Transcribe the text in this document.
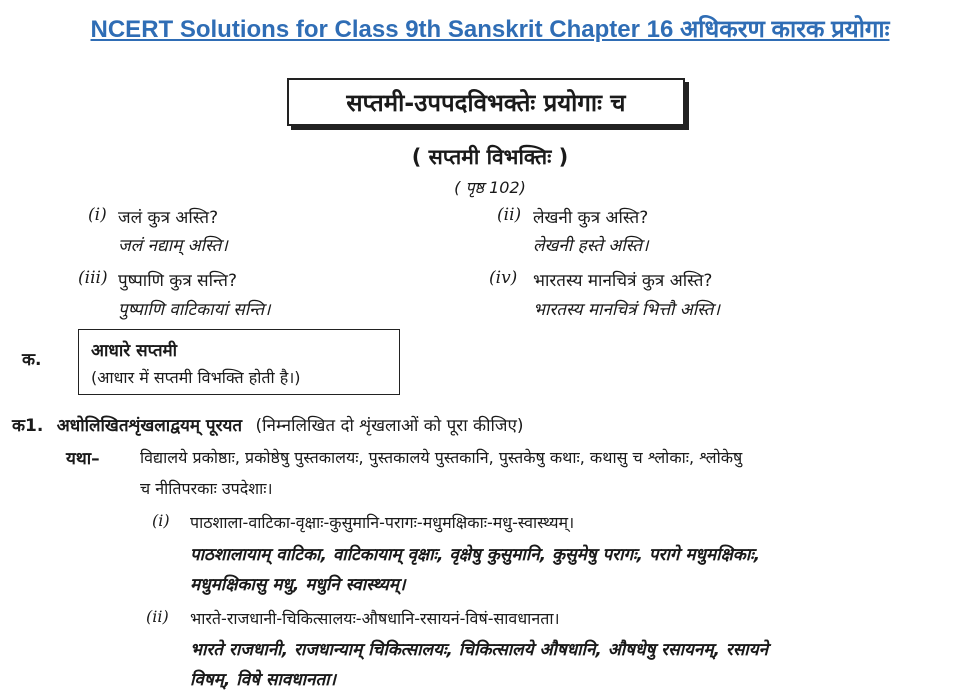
NCERT Solutions for Class 9th Sanskrit Chapter 16 अधिकरण कारक प्रयोगाः
सप्तमी-उपपदविभक्तेः प्रयोगाः च
( सप्तमी विभक्तिः )
( पृष्ठ 102)
(i) जलं कुत्र अस्ति?
जलं नद्याम् अस्ति।
(ii) लेखनी कुत्र अस्ति?
लेखनी हस्ते अस्ति।
(iii) पुष्पाणि कुत्र सन्ति?
पुष्पाणि वाटिकायां सन्ति।
(iv) भारतस्य मानचित्रं कुत्र अस्ति?
भारतस्य मानचित्रं भित्तौ अस्ति।
क.	आधारे सप्तमी
(आधार में सप्तमी विभक्ति होती है।)
क1. अधोलिखितशृंखलाद्वयम् पूरयत (निम्नलिखित दो शृंखलाओं को पूरा कीजिए)
यथा–	विद्यालये प्रकोष्ठाः, प्रकोष्ठेषु पुस्तकालयः, पुस्तकालये पुस्तकानि, पुस्तकेषु कथाः, कथासु च श्लोकाः, श्लोकेषु
च नीतिपरकाः उपदेशाः।
(i) पाठशाला-वाटिका-वृक्षाः-कुसुमानि-परागः-मधुमक्षिकाः-मधु-स्वास्थ्यम्।
पाठशालायाम् वाटिका, वाटिकायाम् वृक्षाः, वृक्षेषु कुसुमानि, कुसुमेषु परागः, परागे मधुमक्षिकाः,
मधुमक्षिकासु मधु, मधुनि स्वास्थ्यम्।
(ii) भारते-राजधानी-चिकित्सालयः-औषधानि-रसायनं-विषं-सावधानता।
भारते राजधानी, राजधान्याम् चिकित्सालयः, चिकित्सालये औषधानि, औषधेषु रसायनम्, रसायने
विषम्, विषे सावधानता।
